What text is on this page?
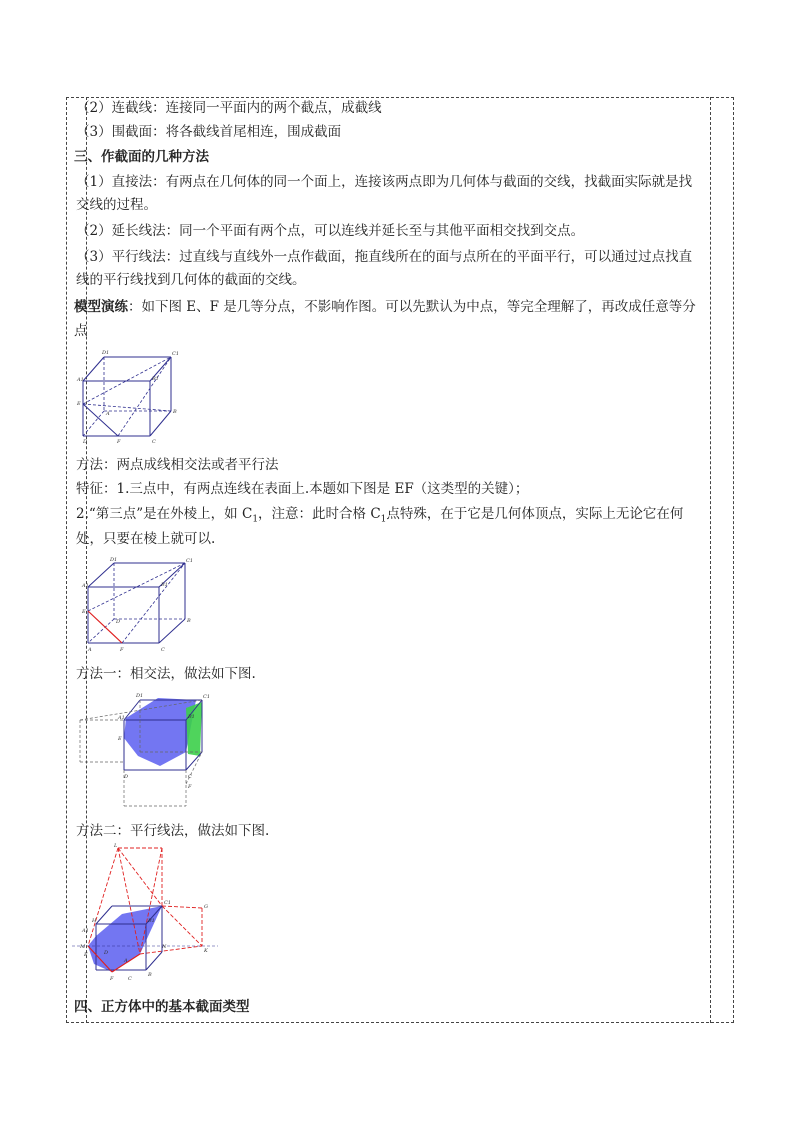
（2）连截线：连接同一平面内的两个截点，成截线
（3）围截面：将各截线首尾相连，围成截面
三、作截面的几种方法
（1）直接法：有两点在几何体的同一个面上，连接该两点即为几何体与截面的交线，找截面实际就是找
交线的过程。
（2）延长线法：同一个平面有两个点，可以连线并延长至与其他平面相交找到交点。
（3）平行线法：过直线与直线外一点作截面，拖直线所在的面与点所在的平面平行，可以通过过点找直
线的平行线找到几何体的截面的交线。
模型演练：如下图 E、F 是几等分点，不影响作图。可以先默认为中点，等完全理解了，再改成任意等分
点
D1	C1
A1	B1
E
A	B
D	F	C
方法：两点成线相交法或者平行法
特征：1.三点中，有两点连线在表面上.本题如下图是 EF（这类型的关键）；
2.“第三点”是在外棱上，如 $C_1$，注意：此时合格 $C_1$点特殊，在于它是几何体顶点，实际上无论它在何
处，只要在棱上就可以.
D1	C1
A1	B1
E
D
F
A
B
C
方法一：相交法，做法如下图.
D1	C1
A1	B1
E
D	C
F
方法二：平行线法，做法如下图.
L
H
A1
B1
C1
M
E	D
A
F	C
B
N
K
G
四、正方体中的基本截面类型
